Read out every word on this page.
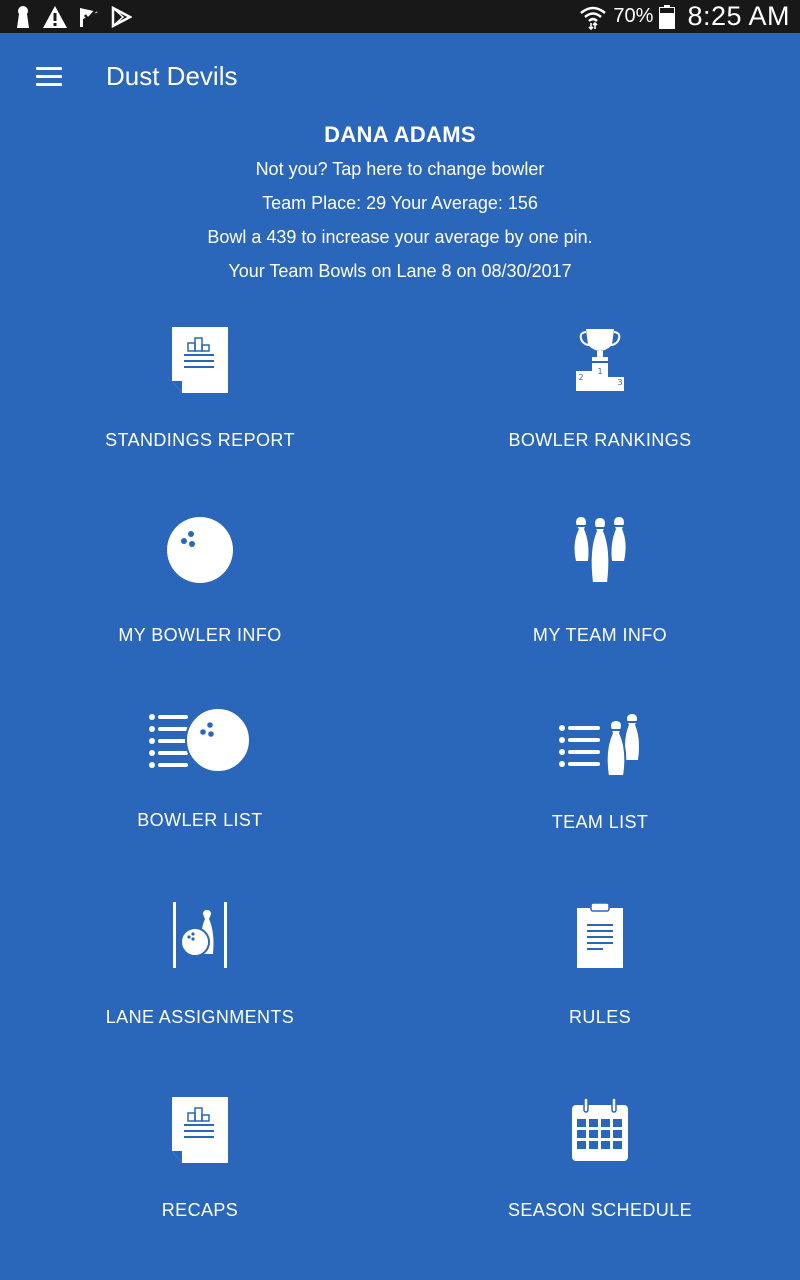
70% 8:25 AM
Dust Devils
DANA ADAMS
Not you? Tap here to change bowler
Team Place: 29 Your Average: 156
Bowl a 439 to increase your average by one pin.
Your Team Bowls on Lane 8 on 08/30/2017
STANDINGS REPORT
1
2
3
BOWLER RANKINGS
MY BOWLER INFO	MY TEAM INFO
BOWLER LIST	TEAM LIST
LANE ASSIGNMENTS	RULES
RECAPS	SEASON SCHEDULE
